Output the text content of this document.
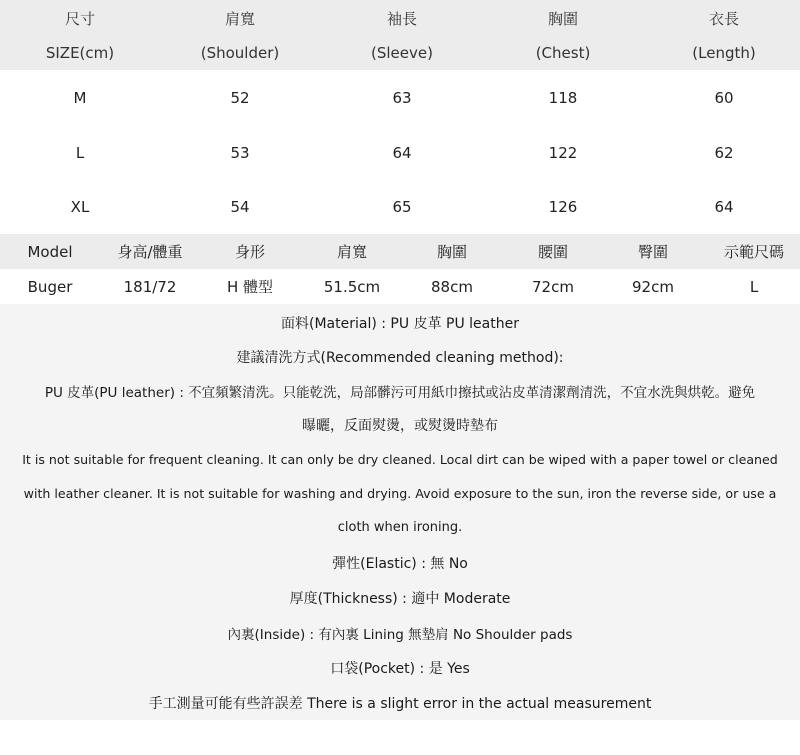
尺寸	肩寬	袖長	胸圍	衣長
SIZE(cm)	(Shoulder)	(Sleeve)	(Chest)	(Length)
M	52	63	118	60
L	53	64	122	62
XL	54	65	126	64
Model	身高/體重	身形	肩寬	胸圍	腰圍	臀圍	示範尺碼
Buger	181/72	H 體型	51.5cm	88cm	72cm	92cm	L
面料(Material) : PU 皮革 PU leather
建議清洗方式(Recommended cleaning method):
PU 皮革(PU leather) : 不宜頻繁清洗。只能乾洗，局部髒污可用紙巾擦拭或沾皮革清潔劑清洗，不宜水洗與烘乾。避免
曝曬，反面熨燙，或熨燙時墊布
It is not suitable for frequent cleaning. It can only be dry cleaned. Local dirt can be wiped with a paper towel or cleaned
with leather cleaner. It is not suitable for washing and drying. Avoid exposure to the sun, iron the reverse side, or use a
cloth when ironing.
彈性(Elastic) : 無 No
厚度(Thickness) : 適中 Moderate
內裏(Inside) : 有內裏 Lining 無墊肩 No Shoulder pads
口袋(Pocket) : 是 Yes
手工測量可能有些許誤差 There is a slight error in the actual measurement
